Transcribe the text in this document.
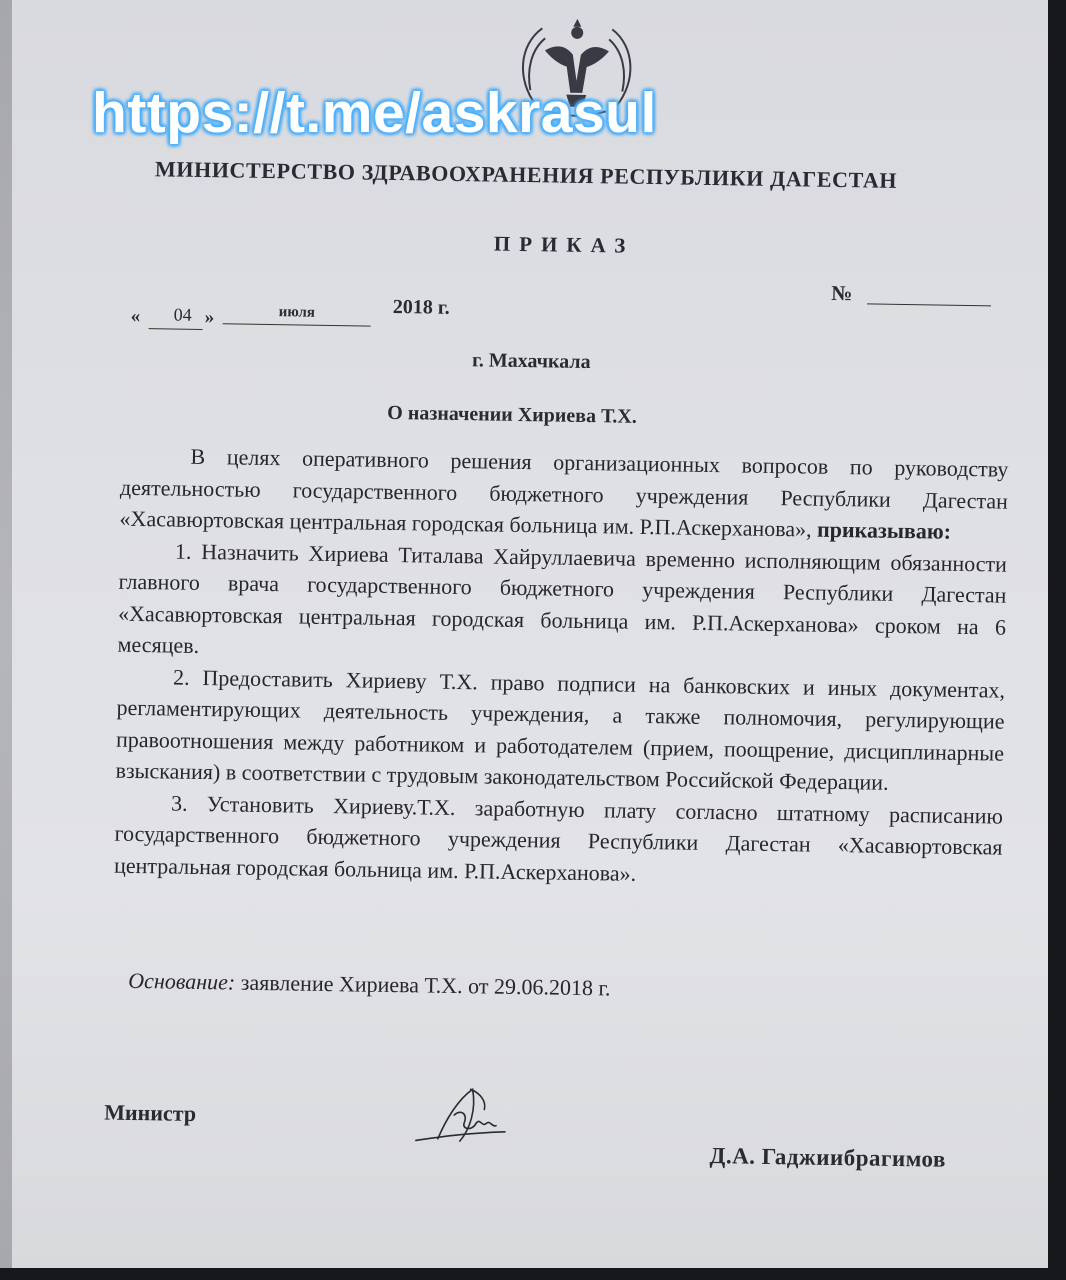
МИНИСТЕРСТВО ЗДРАВООХРАНЕНИЯ РЕСПУБЛИКИ ДАГЕСТАН
ПРИКАЗ
№
«	04 »	июля	2018 г.
г. Махачкала
О назначении Хириева Т.Х.

В целях оперативного решения организационных вопросов по руководству деятельностью государственного бюджетного учреждения Республики Дагестан «Хасавюртовская центральная городская больница им. Р.П.Аскерханова», приказываю:

1. Назначить Хириева Титалава Хайруллаевича временно исполняющим обязанности главного врача государственного бюджетного учреждения Республики Дагестан «Хасавюртовская центральная городская больница им. Р.П.Аскерханова» сроком на 6 месяцев.

2. Предоставить Хириеву Т.Х. право подписи на банковских и иных документах, регламентирующих деятельность учреждения, а также полномочия, регулирующие правоотношения между работником и работодателем (прием, поощрение, дисциплинарные взыскания) в соответствии с трудовым законодательством Российской Федерации.

3. Установить Хириеву.Т.Х. заработную плату согласно штатному расписанию государственного бюджетного учреждения Республики Дагестан «Хасавюртовская центральная городская больница им. Р.П.Аскерханова».

Основание: заявление Хириева Т.Х. от 29.06.2018 г.
Министр
Д.А. Гаджиибрагимов
https://t.me/askrasul
